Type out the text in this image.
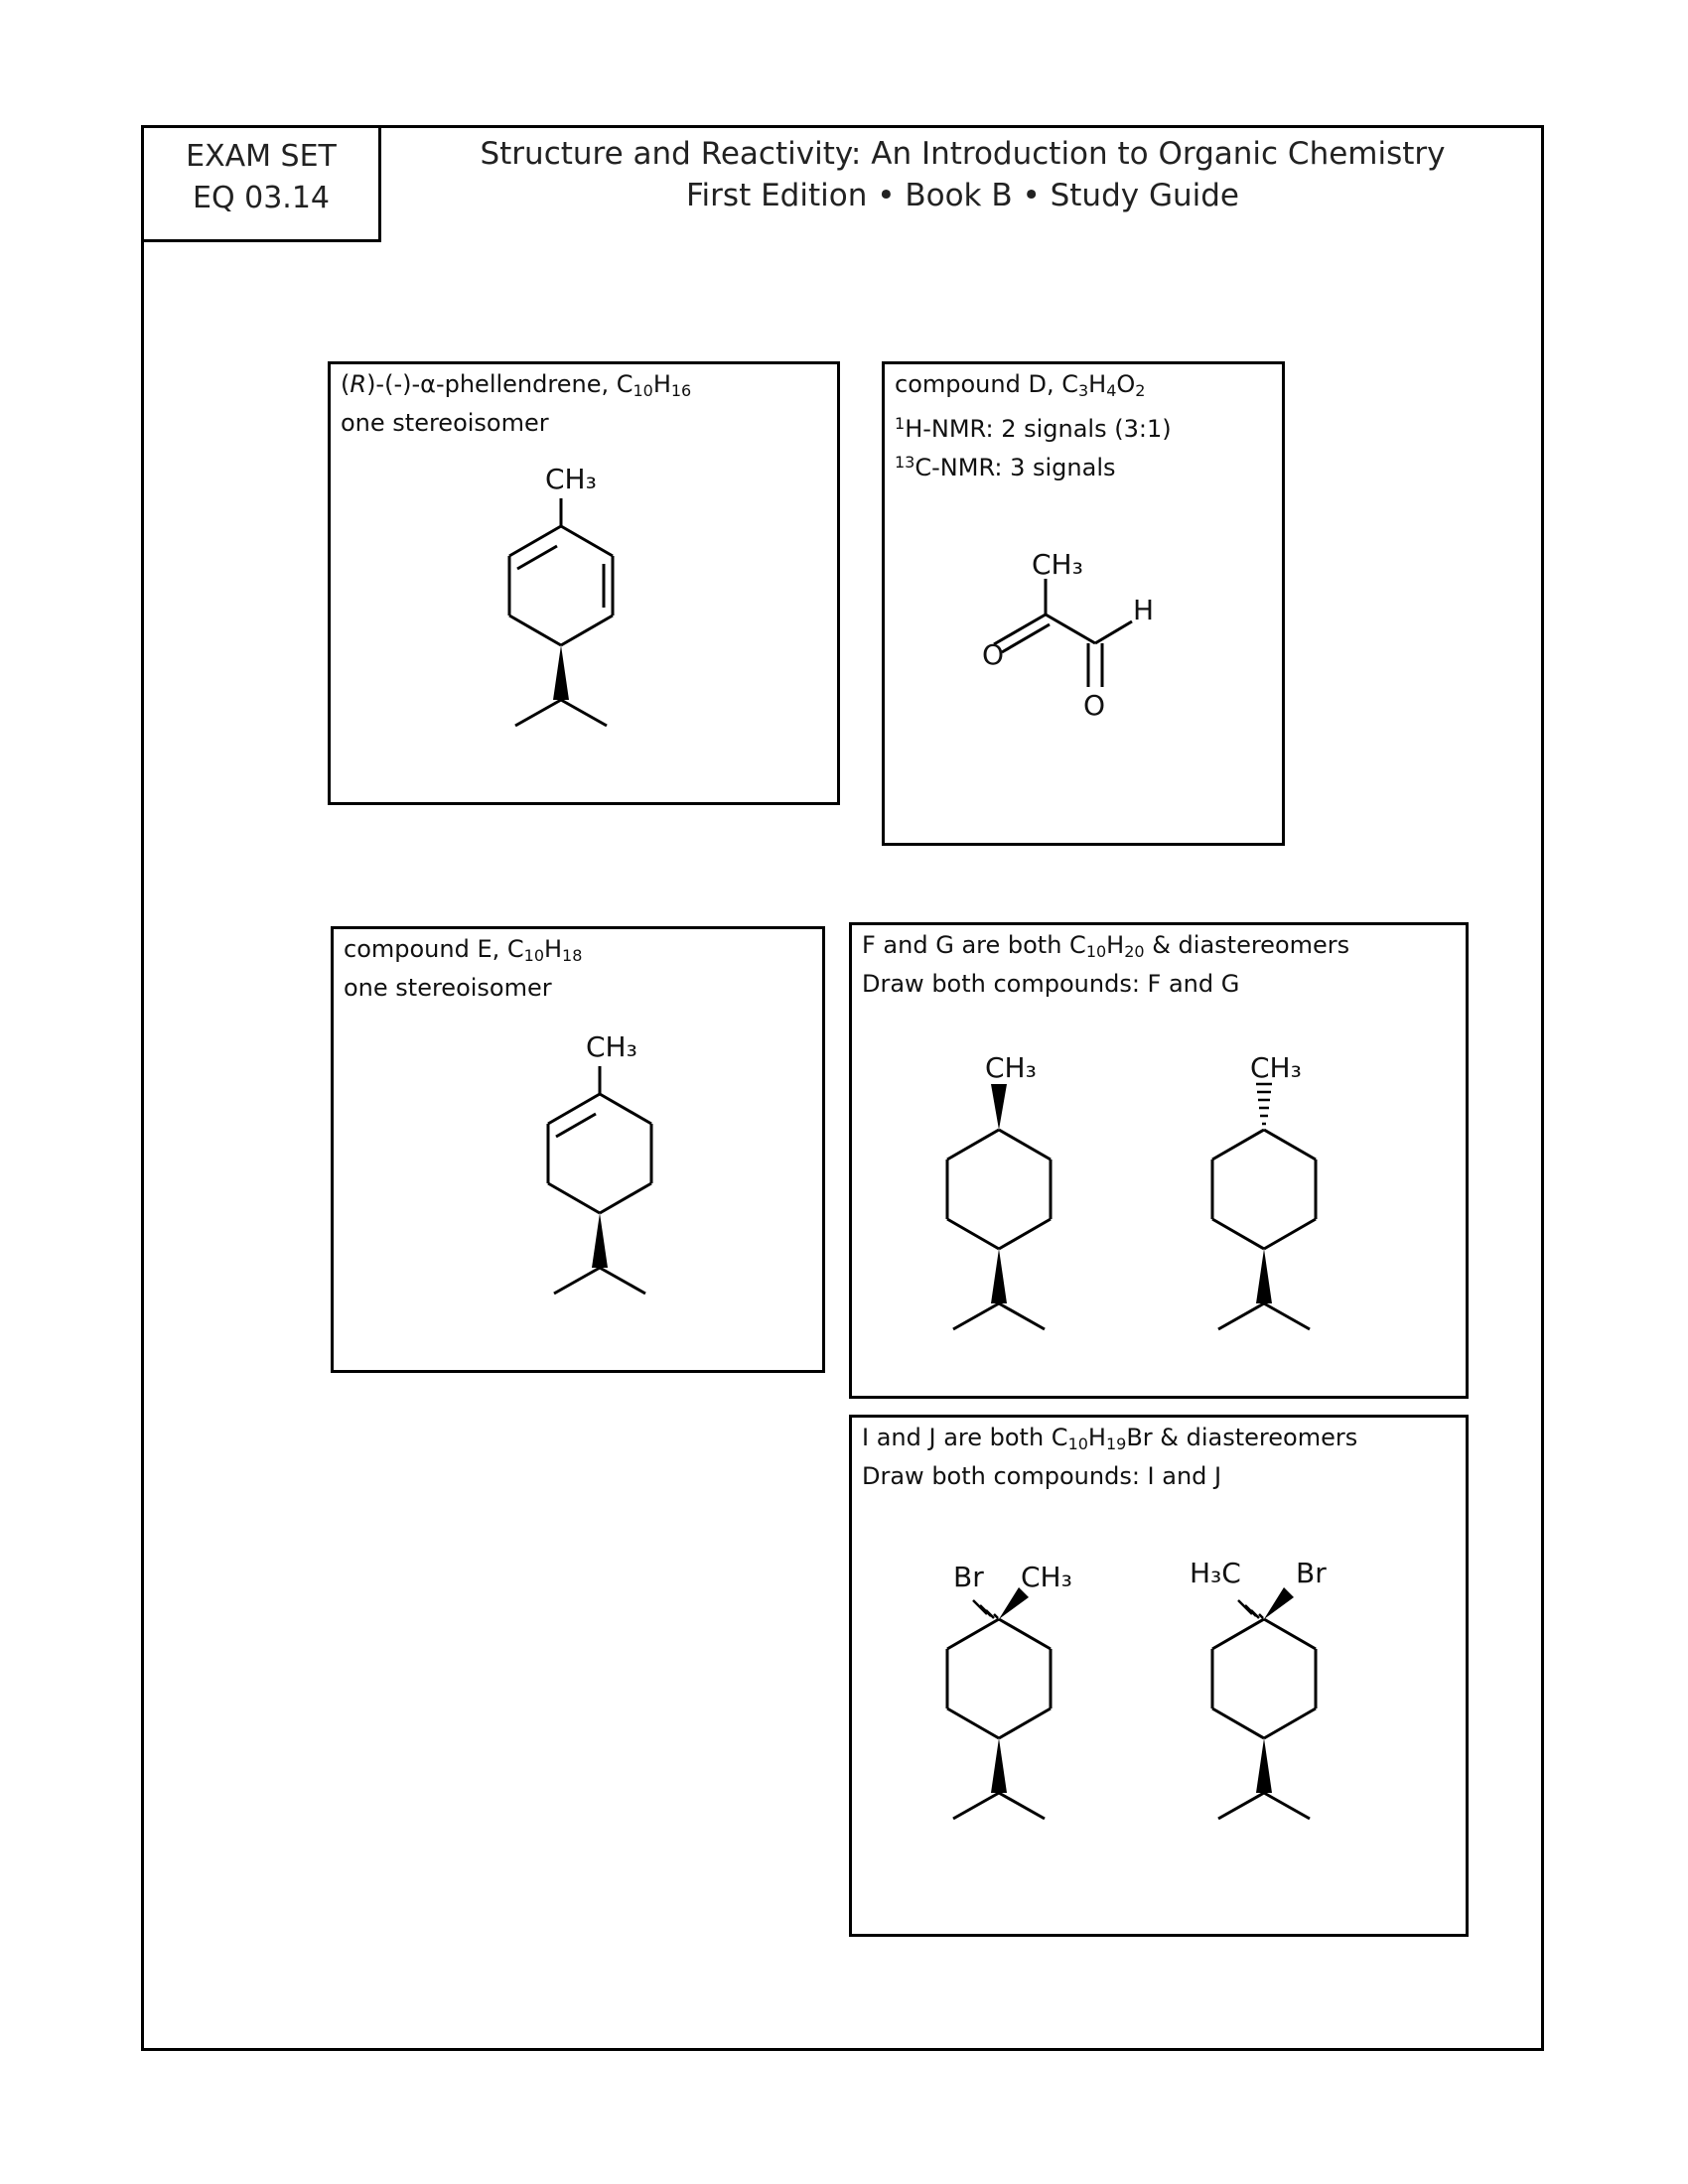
EXAM SET
EQ 03.14
Structure and Reactivity: An Introduction to Organic Chemistry
First Edition • Book B • Study Guide
(R)-(-)-α-phellendrene, $C_{10}H_{16}$
one stereoisomer
CH₃
compound D, $C_3H_4O_2$
$^1$H-NMR: 2 signals (3:1)
$^{13}$C-NMR: 3 signals
CH₃
H
O
O
compound E, $C_{10}H_{18}$
one stereoisomer
CH₃
F and G are both $C_{10}H_{20}$ & diastereomers
Draw both compounds: F and G
CH₃	CH₃
I and J are both $C_{10}H_{19}Br$ & diastereomers
Draw both compounds: I and J
Br CH₃	H₃C Br
